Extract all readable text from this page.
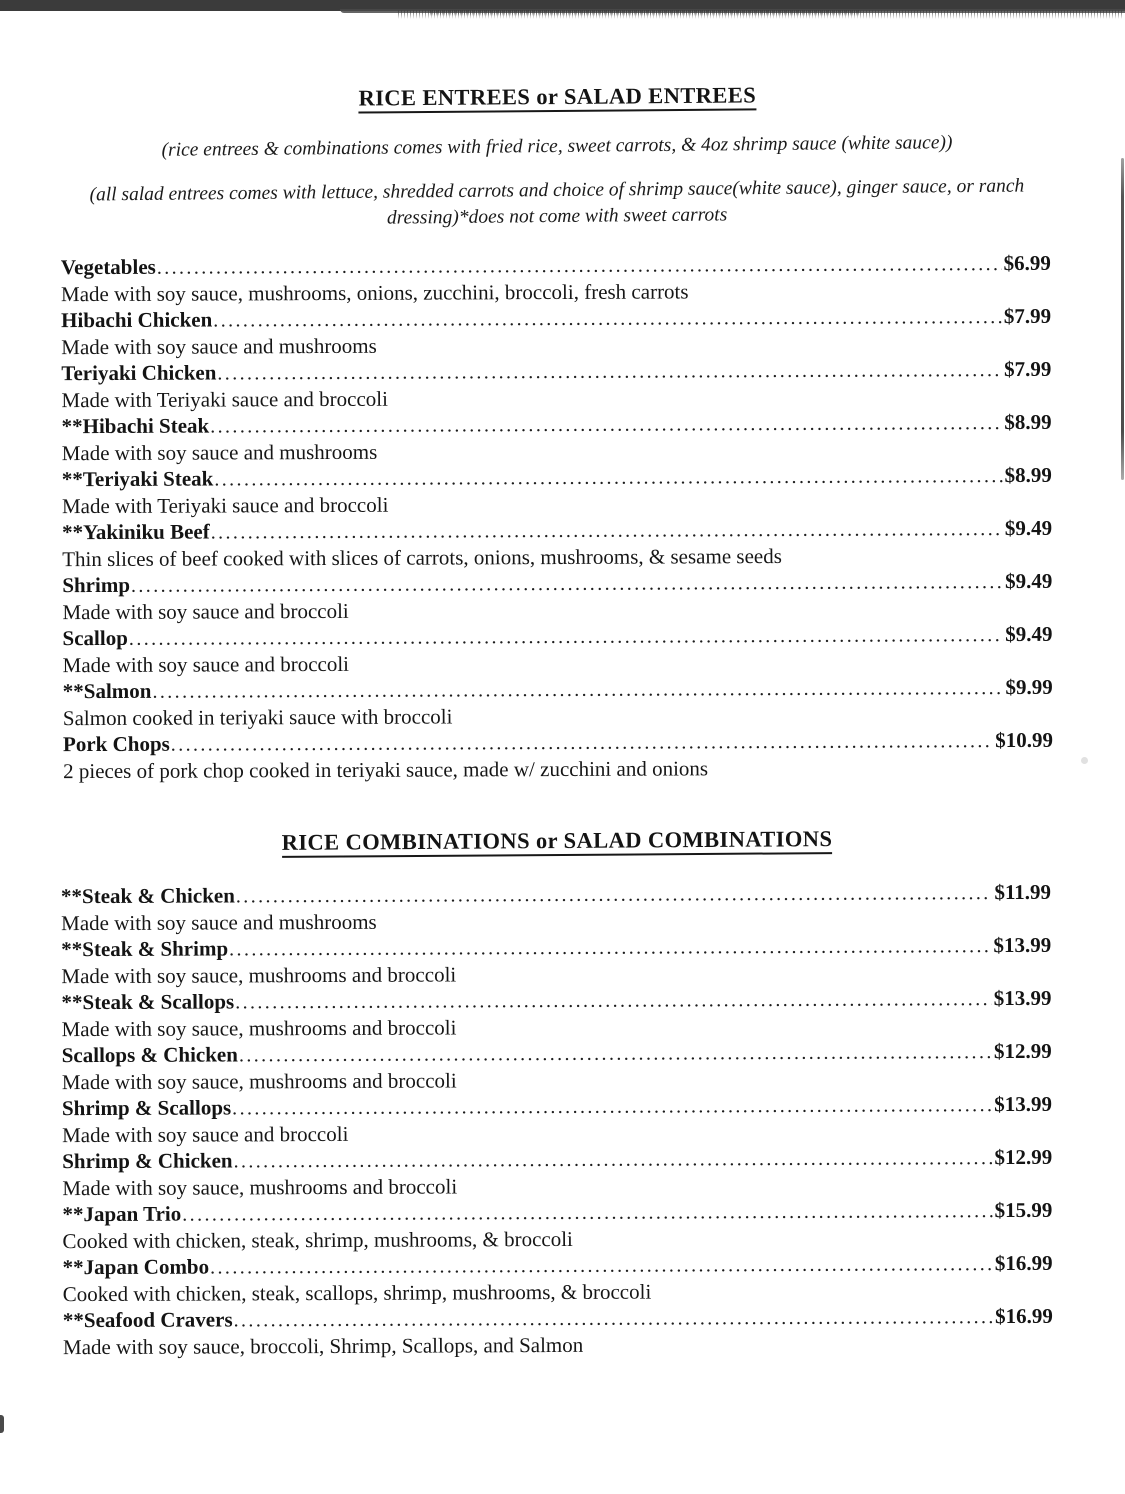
RICE ENTREES or SALAD ENTREES

(rice entrees & combinations comes with fried rice, sweet carrots, & 4oz shrimp sauce (white sauce))

(all salad entrees comes with lettuce, shredded carrots and choice of shrimp sauce(white sauce), ginger sauce, or ranch dressing)*does not come with sweet carrots

Vegetables .....	$6.99
Made with soy sauce, mushrooms, onions, zucchini, broccoli, fresh carrots
Hibachi Chicken .....	$7.99
Made with soy sauce and mushrooms
Teriyaki Chicken .....	$7.99
Made with Teriyaki sauce and broccoli
**Hibachi Steak .....	$8.99
Made with soy sauce and mushrooms
**Teriyaki Steak .....	$8.99
Made with Teriyaki sauce and broccoli
**Yakiniku Beef .....	$9.49
Thin slices of beef cooked with slices of carrots, onions, mushrooms, & sesame seeds
Shrimp .....	$9.49
Made with soy sauce and broccoli
Scallop .....	$9.49
Made with soy sauce and broccoli
**Salmon .....	$9.99
Salmon cooked in teriyaki sauce with broccoli
Pork Chops .....	$10.99
2 pieces of pork chop cooked in teriyaki sauce, made w/ zucchini and onions
RICE COMBINATIONS or SALAD COMBINATIONS
**Steak & Chicken .....	$11.99
Made with soy sauce and mushrooms
**Steak & Shrimp .....	$13.99
Made with soy sauce, mushrooms and broccoli
**Steak & Scallops .....	$13.99
Made with soy sauce, mushrooms and broccoli
Scallops & Chicken .....	$12.99
Made with soy sauce, mushrooms and broccoli
Shrimp & Scallops .....	$13.99
Made with soy sauce and broccoli
Shrimp & Chicken .....	$12.99
Made with soy sauce, mushrooms and broccoli
**Japan Trio .....	$15.99
Cooked with chicken, steak, shrimp, mushrooms, & broccoli
**Japan Combo .....	$16.99
Cooked with chicken, steak, scallops, shrimp, mushrooms, & broccoli
**Seafood Cravers .....	$16.99
Made with soy sauce, broccoli, Shrimp, Scallops, and Salmon
